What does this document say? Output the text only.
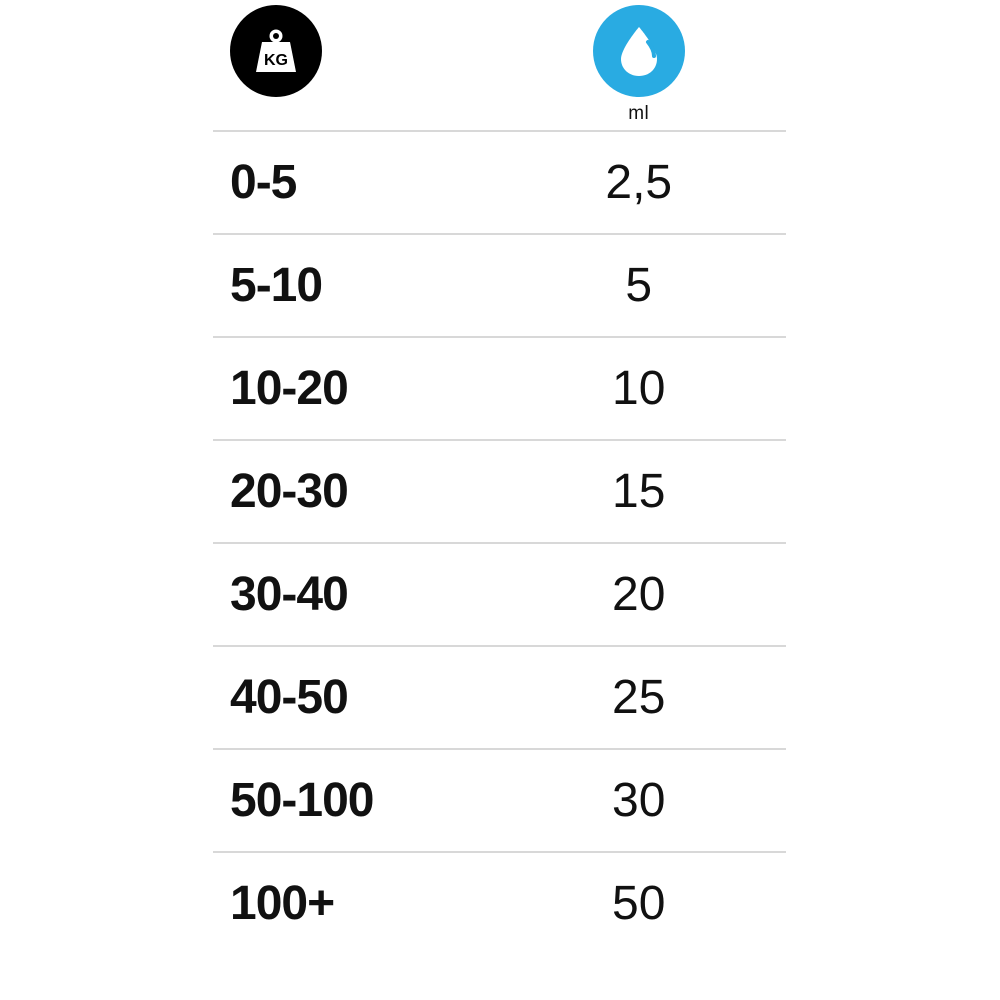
KG
ml
0-5	2,5
5-10	5
10-20	10
20-30	15
30-40	20
40-50	25
50-100	30
100+	50
